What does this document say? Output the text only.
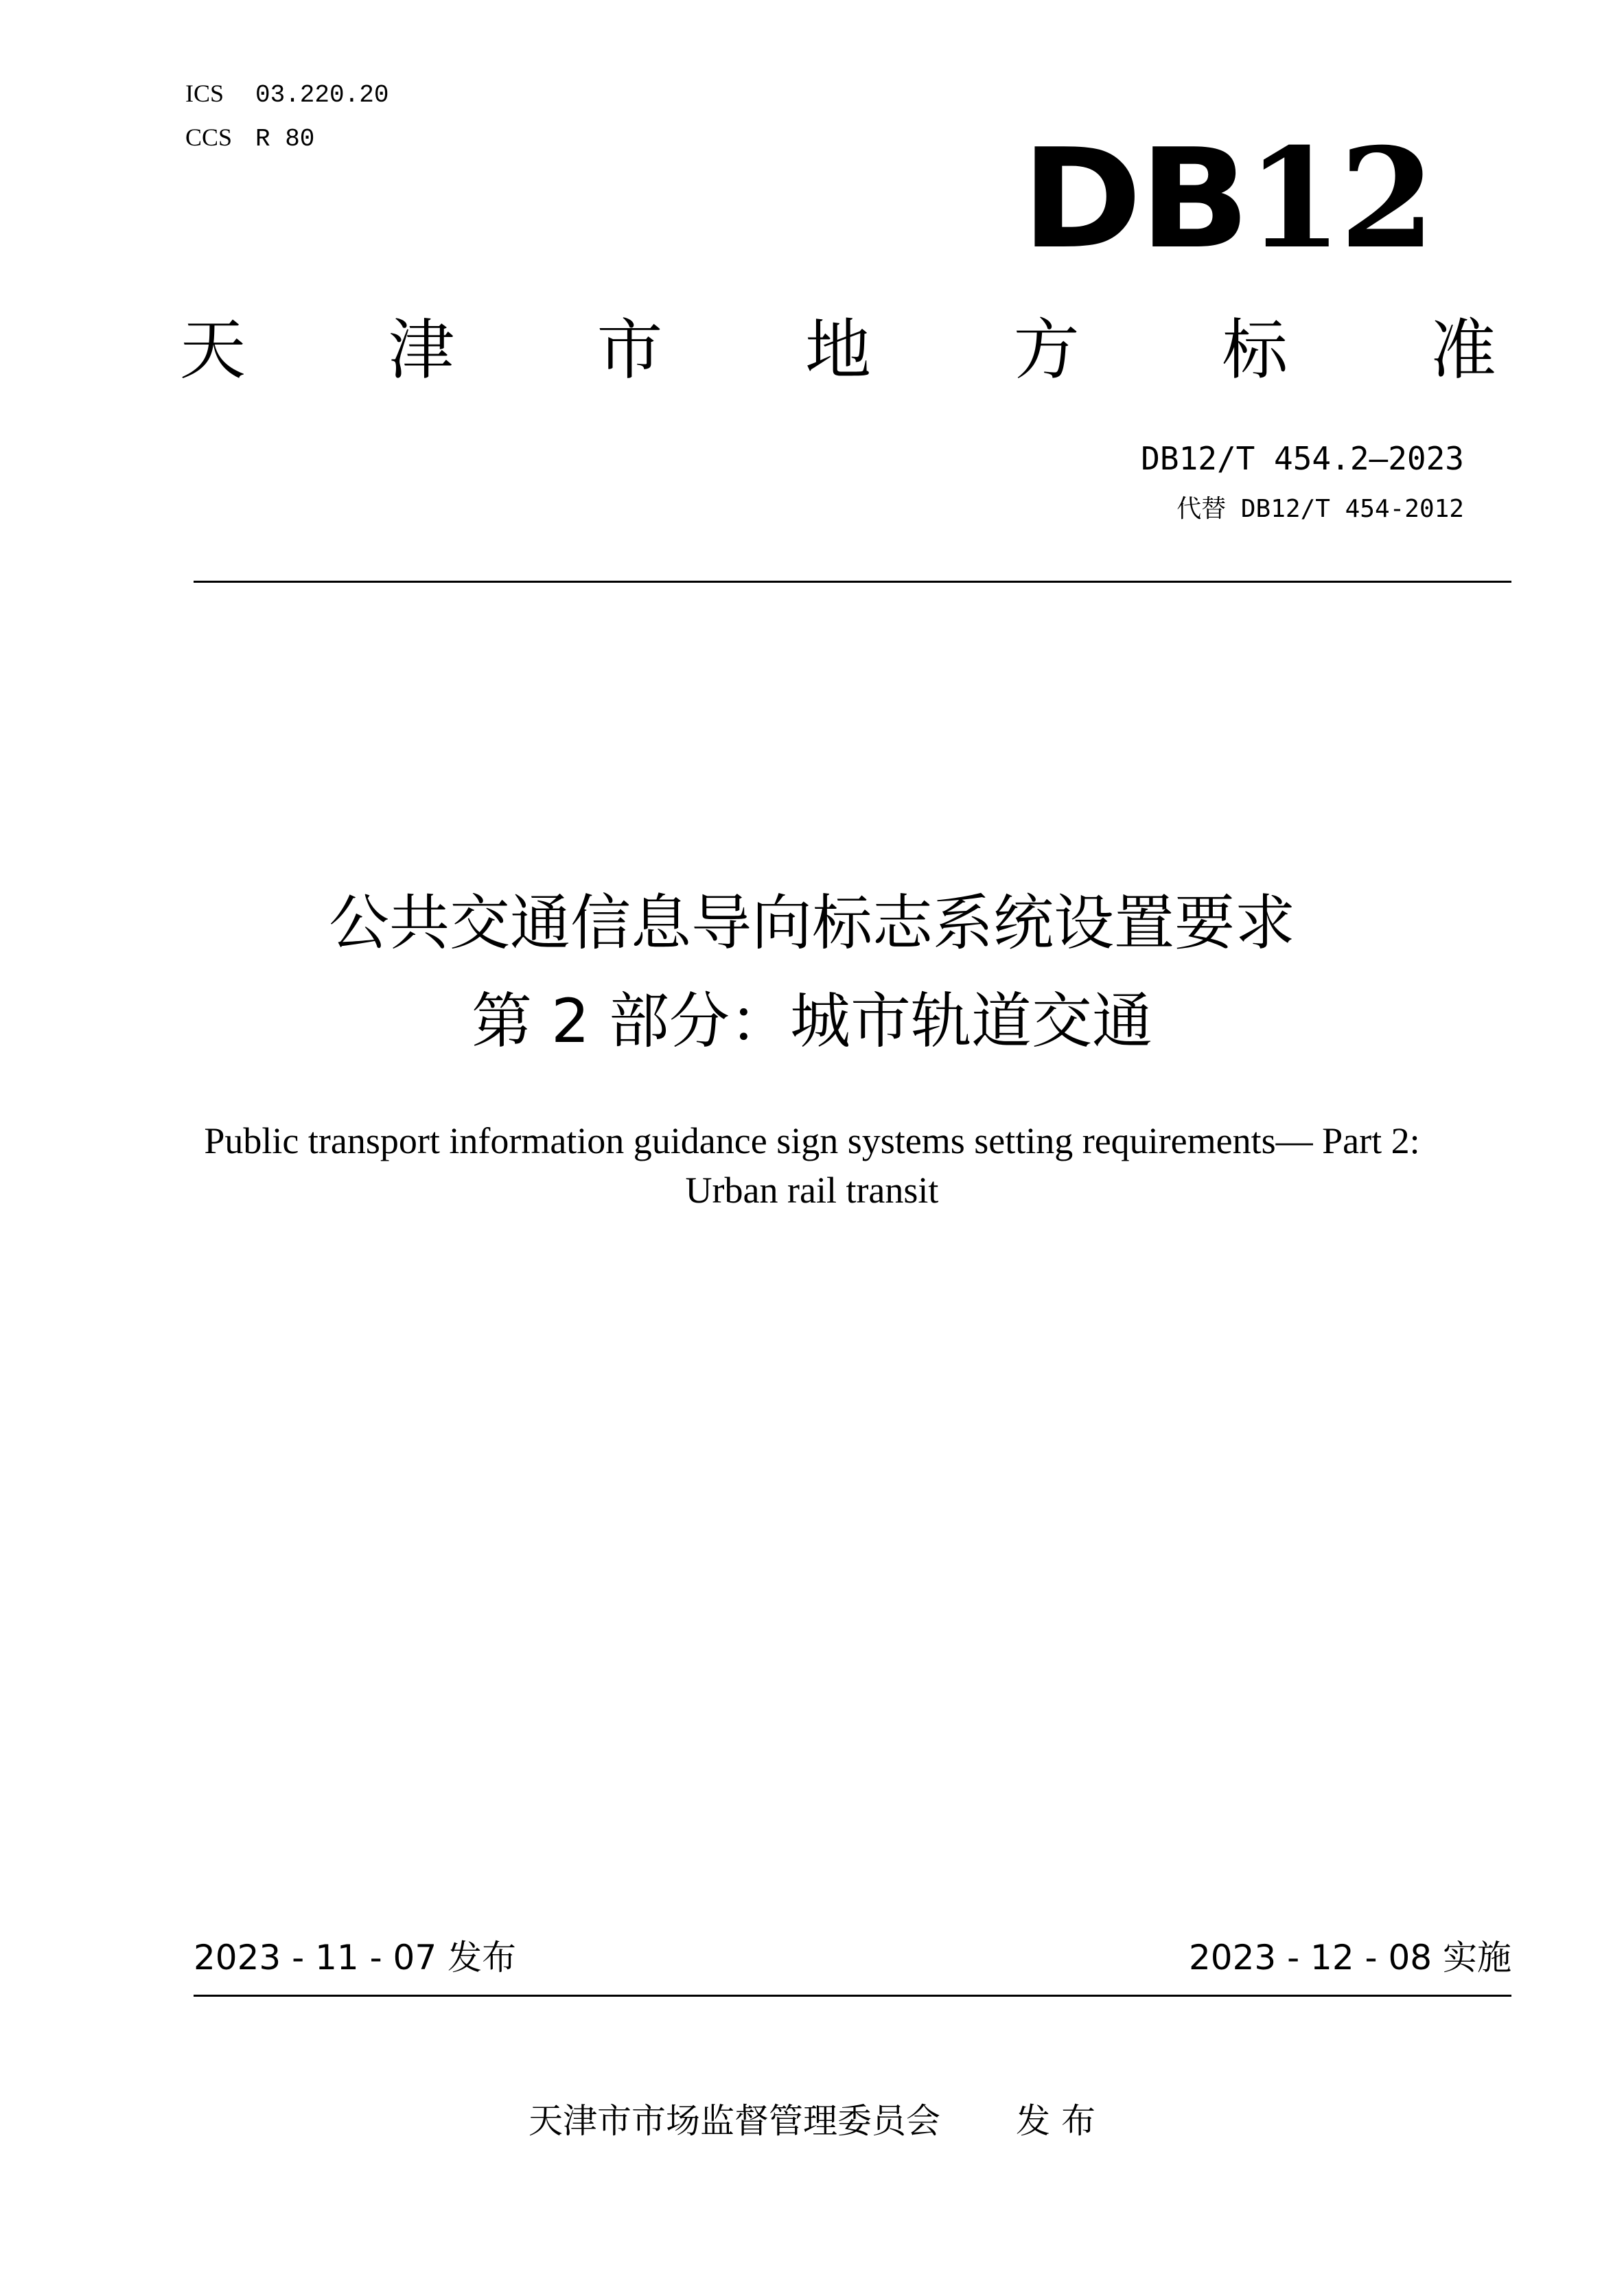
ICS 03.220.20
CCS R 80	DB12
天 津 市 地 方 标 准
DB12/T 454.2—2023
代替 DB12/T 454-2012
公共交通信息导向标志系统设置要求
第 2 部分：城市轨道交通
Public transport information guidance sign systems setting requirements— Part 2:
Urban rail transit
2023 - 11 - 07 发布	2023 - 12 - 08 实施
天津市市场监督管理委员会 发 布
